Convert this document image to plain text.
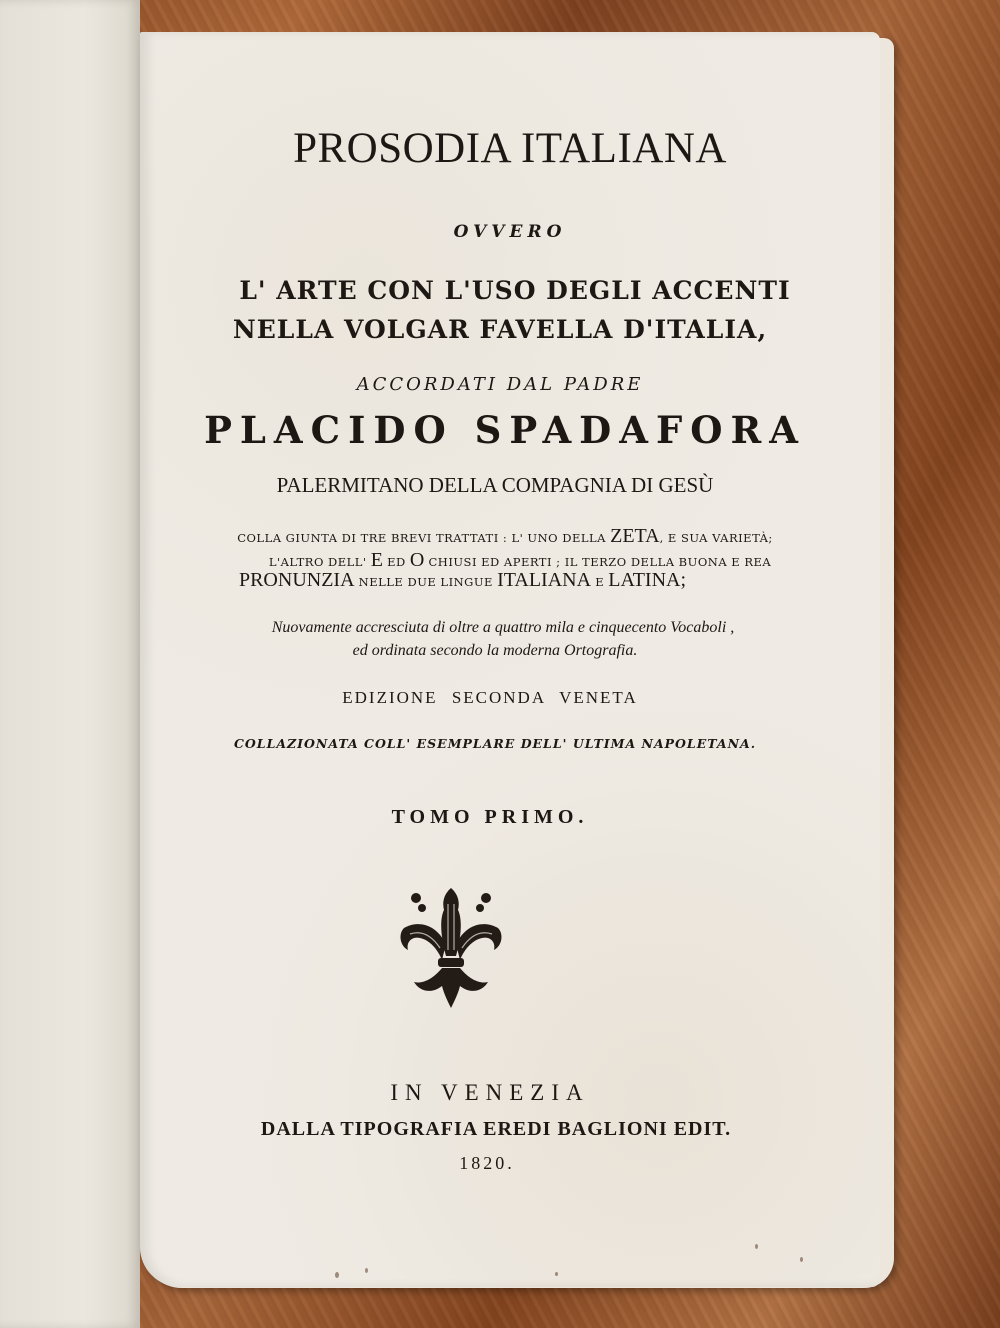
PROSODIA ITALIANA
OVVERO
L' ARTE CON L'USO DEGLI ACCENTI
NELLA VOLGAR FAVELLA D'ITALIA,
ACCORDATI DAL PADRE
PLACIDO SPADAFORA
PALERMITANO DELLA COMPAGNIA DI GESÙ
COLLA GIUNTA DI TRE BREVI TRATTATI : L' UNO DELLA ZETA, E SUA VARIETÀ;
L'ALTRO DELL' E ED O CHIUSI ED APERTI ; IL TERZO DELLA BUONA E REA
PRONUNZIA NELLE DUE LINGUE ITALIANA E LATINA;
Nuovamente accresciuta di oltre a quattro mila e cinquecento Vocaboli ,
ed ordinata secondo la moderna Ortografia.
EDIZIONE SECONDA VENETA
COLLAZIONATA COLL' ESEMPLARE DELL' ULTIMA NAPOLETANA.
TOMO PRIMO.
IN VENEZIA
DALLA TIPOGRAFIA EREDI BAGLIONI EDIT.
1820.
